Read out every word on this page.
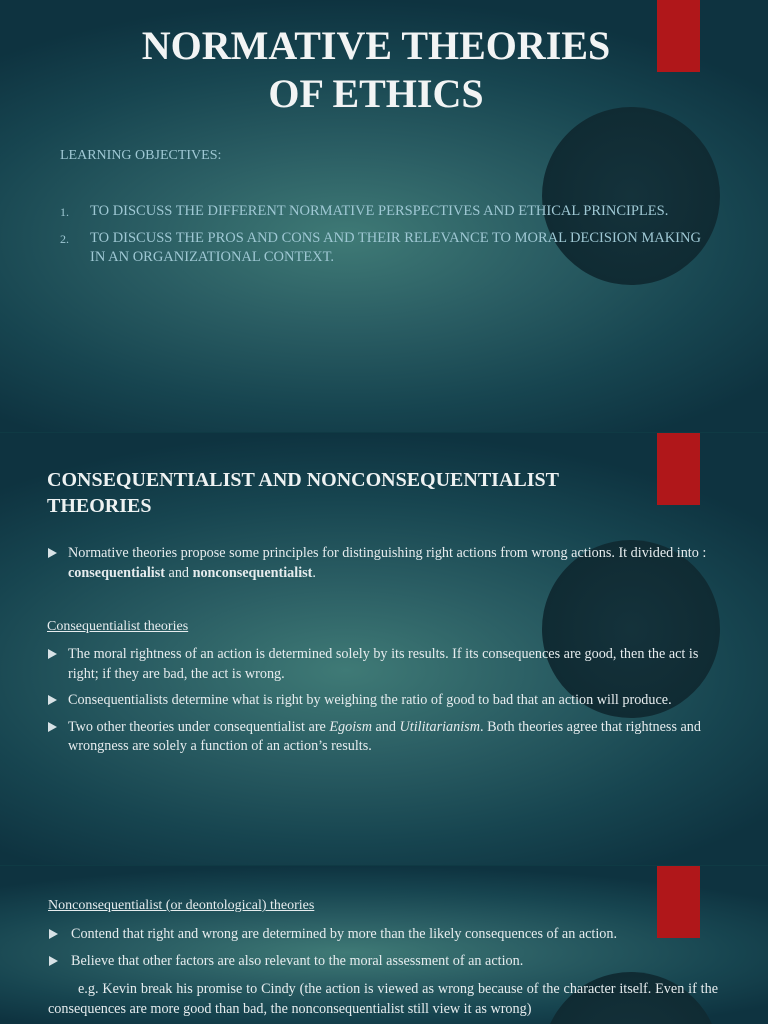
NORMATIVE THEORIES
OF ETHICS
LEARNING OBJECTIVES:
1. TO DISCUSS THE DIFFERENT NORMATIVE PERSPECTIVES AND ETHICAL PRINCIPLES.
2. TO DISCUSS THE PROS AND CONS AND THEIR RELEVANCE TO MORAL DECISION MAKING IN AN ORGANIZATIONAL CONTEXT.
CONSEQUENTIALIST AND NONCONSEQUENTIALIST THEORIES
Normative theories propose some principles for distinguishing right actions from wrong actions. It divided into : consequentialist and nonconsequentialist.
Consequentialist theories
The moral rightness of an action is determined solely by its results. If its consequences are good, then the act is right; if they are bad, the act is wrong.
Consequentialists determine what is right by weighing the ratio of good to bad that an action will produce.
Two other theories under consequentialist are Egoism and Utilitarianism. Both theories agree that rightness and wrongness are solely a function of an action’s results.
Nonconsequentialist (or deontological) theories
Contend that right and wrong are determined by more than the likely consequences of an action.
Believe that other factors are also relevant to the moral assessment of an action.

e.g. Kevin break his promise to Cindy (the action is viewed as wrong because of the character itself. Even if the consequences are more good than bad, the nonconsequentialist still view it as wrong)
